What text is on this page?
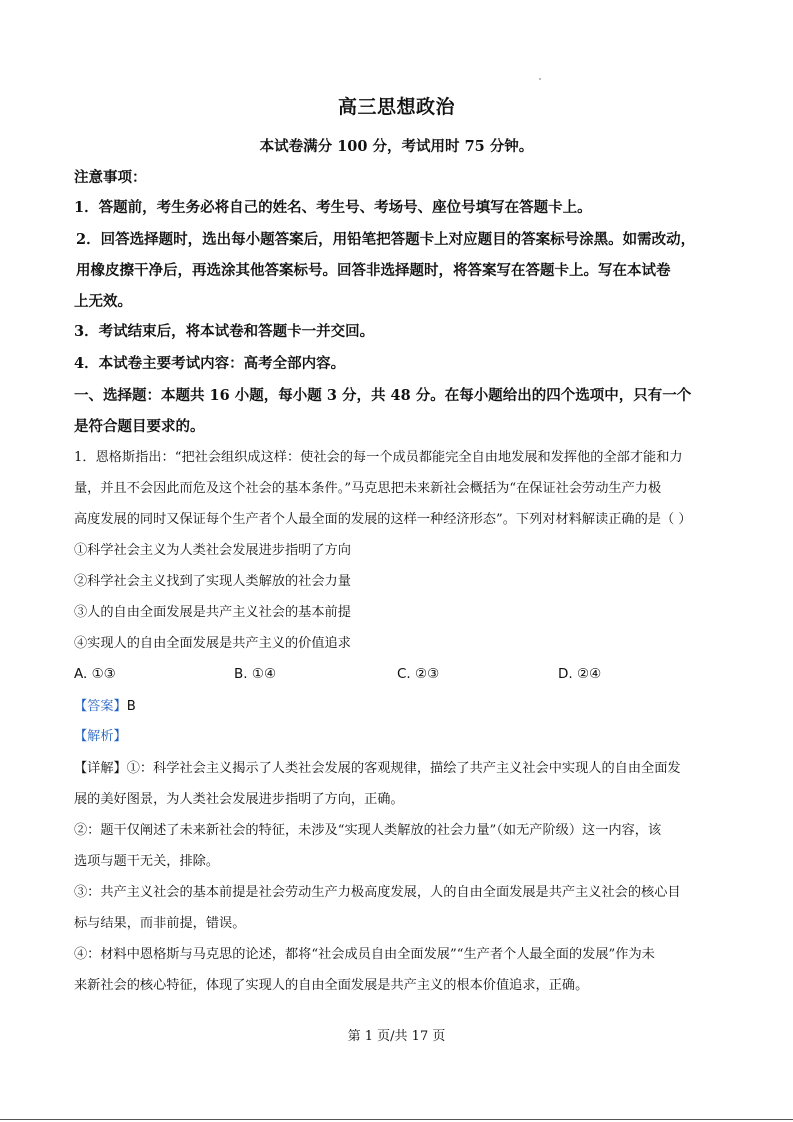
高三思想政治
本试卷满分 100 分，考试用时 75 分钟。
注意事项：
1．答题前，考生务必将自己的姓名、考生号、考场号、座位号填写在答题卡上。
2．回答选择题时，选出每小题答案后，用铅笔把答题卡上对应题目的答案标号涂黑。如需改动，
用橡皮擦干净后，再选涂其他答案标号。回答非选择题时，将答案写在答题卡上。写在本试卷
上无效。
3．考试结束后，将本试卷和答题卡一并交回。
4．本试卷主要考试内容：高考全部内容。
一、选择题：本题共 16 小题，每小题 3 分，共 48 分。在每小题给出的四个选项中，只有一个
是符合题目要求的。
1．恩格斯指出：“把社会组织成这样：使社会的每一个成员都能完全自由地发展和发挥他的全部才能和力
量，并且不会因此而危及这个社会的基本条件。”马克思把未来新社会概括为“在保证社会劳动生产力极
高度发展的同时又保证每个生产者个人最全面的发展的这样一种经济形态”。下列对材料解读正确的是（ ）
①科学社会主义为人类社会发展进步指明了方向
②科学社会主义找到了实现人类解放的社会力量
③人的自由全面发展是共产主义社会的基本前提
④实现人的自由全面发展是共产主义的价值追求
A. ①③	B. ①④	C. ②③	D. ②④
【答案】B
【解析】
【详解】①：科学社会主义揭示了人类社会发展的客观规律，描绘了共产主义社会中实现人的自由全面发
展的美好图景，为人类社会发展进步指明了方向，正确。
②：题干仅阐述了未来新社会的特征，未涉及“实现人类解放的社会力量”（如无产阶级）这一内容，该
选项与题干无关，排除。
③：共产主义社会的基本前提是社会劳动生产力极高度发展，人的自由全面发展是共产主义社会的核心目
标与结果，而非前提，错误。
④：材料中恩格斯与马克思的论述，都将“社会成员自由全面发展”“生产者个人最全面的发展”作为未
来新社会的核心特征，体现了实现人的自由全面发展是共产主义的根本价值追求，正确。
第 1 页/共 17 页
